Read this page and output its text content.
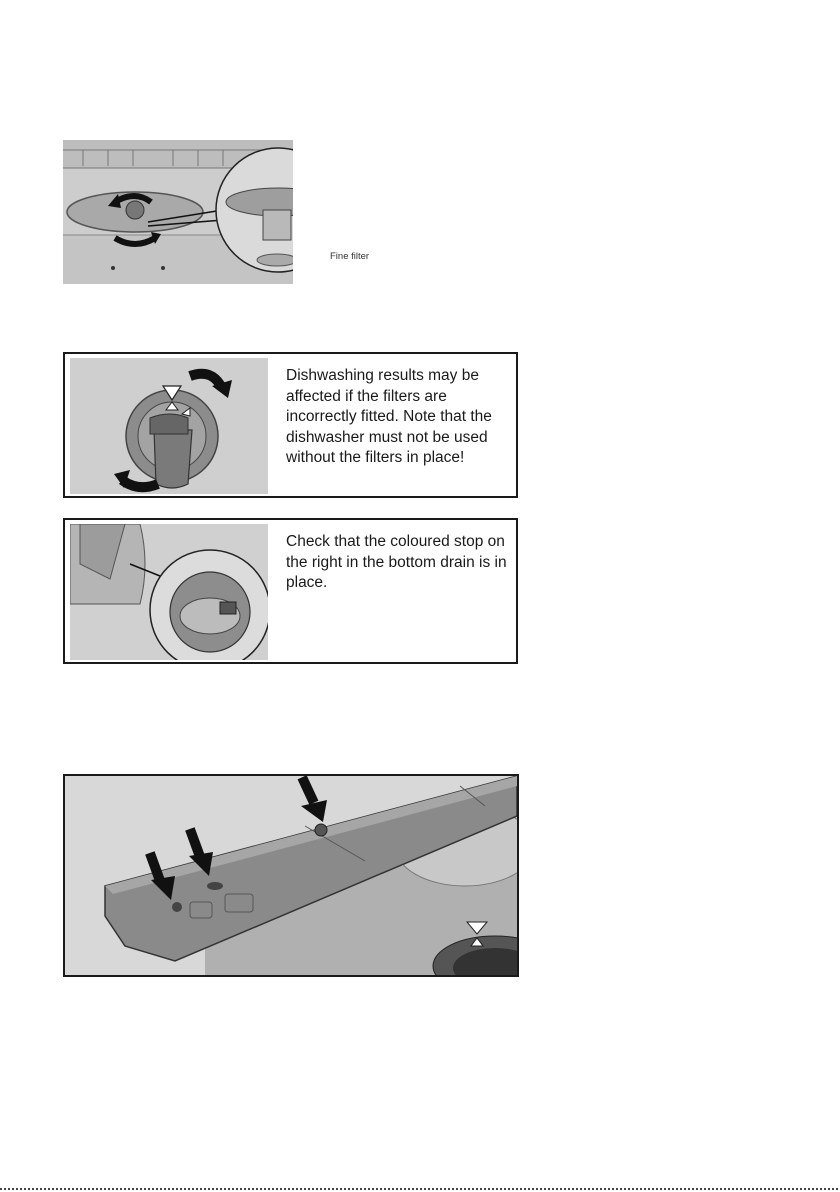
Fine filter
Dishwashing results may be affected if the filters are incorrectly fitted. Note that the dishwasher must not be used without the filters in place!
Check that the coloured stop on the right in the bottom drain is in place.
